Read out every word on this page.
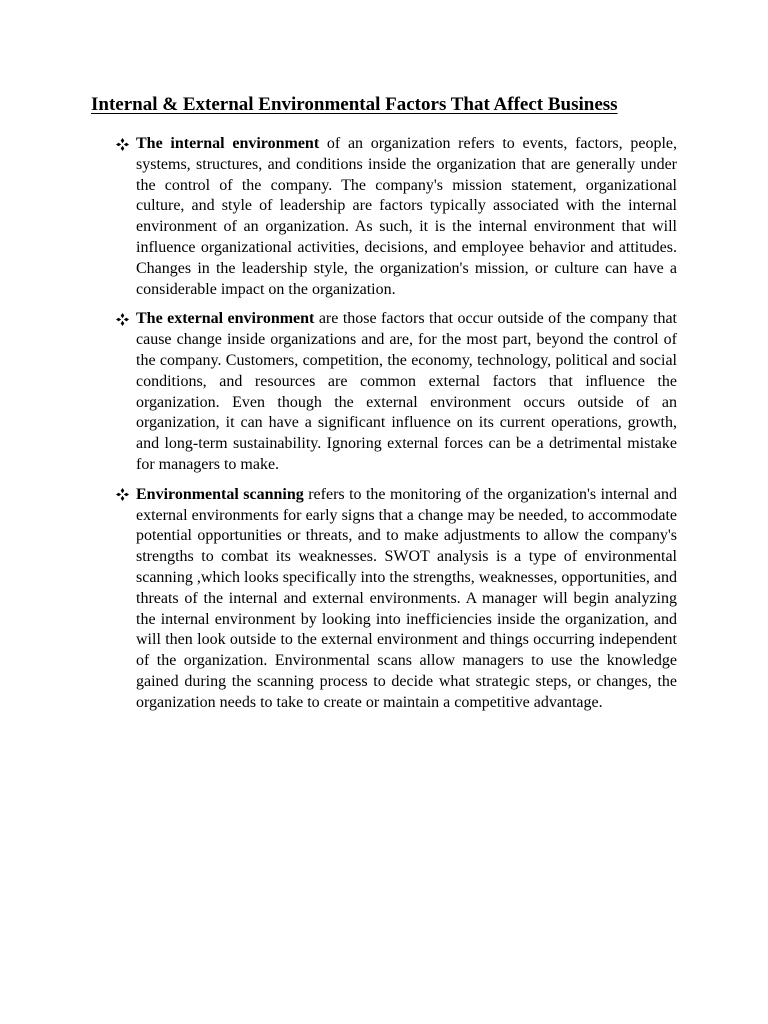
Internal & External Environmental Factors That Affect Business
The internal environment of an organization refers to events, factors, people, systems, structures, and conditions inside the organization that are generally under the control of the company. The company's mission statement, organizational culture, and style of leadership are factors typically associated with the internal environment of an organization. As such, it is the internal environment that will influence organizational activities, decisions, and employee behavior and attitudes. Changes in the leadership style, the organization's mission, or culture can have a considerable impact on the organization.
The external environment are those factors that occur outside of the company that cause change inside organizations and are, for the most part, beyond the control of the company. Customers, competition, the economy, technology, political and social conditions, and resources are common external factors that influence the organization. Even though the external environment occurs outside of an organization, it can have a significant influence on its current operations, growth, and long-term sustainability. Ignoring external forces can be a detrimental mistake for managers to make.
Environmental scanning refers to the monitoring of the organization's internal and external environments for early signs that a change may be needed, to accommodate potential opportunities or threats, and to make adjustments to allow the company's strengths to combat its weaknesses. SWOT analysis is a type of environmental scanning ,which looks specifically into the strengths, weaknesses, opportunities, and threats of the internal and external environments. A manager will begin analyzing the internal environment by looking into inefficiencies inside the organization, and will then look outside to the external environment and things occurring independent of the organization. Environmental scans allow managers to use the knowledge gained during the scanning process to decide what strategic steps, or changes, the organization needs to take to create or maintain a competitive advantage.
